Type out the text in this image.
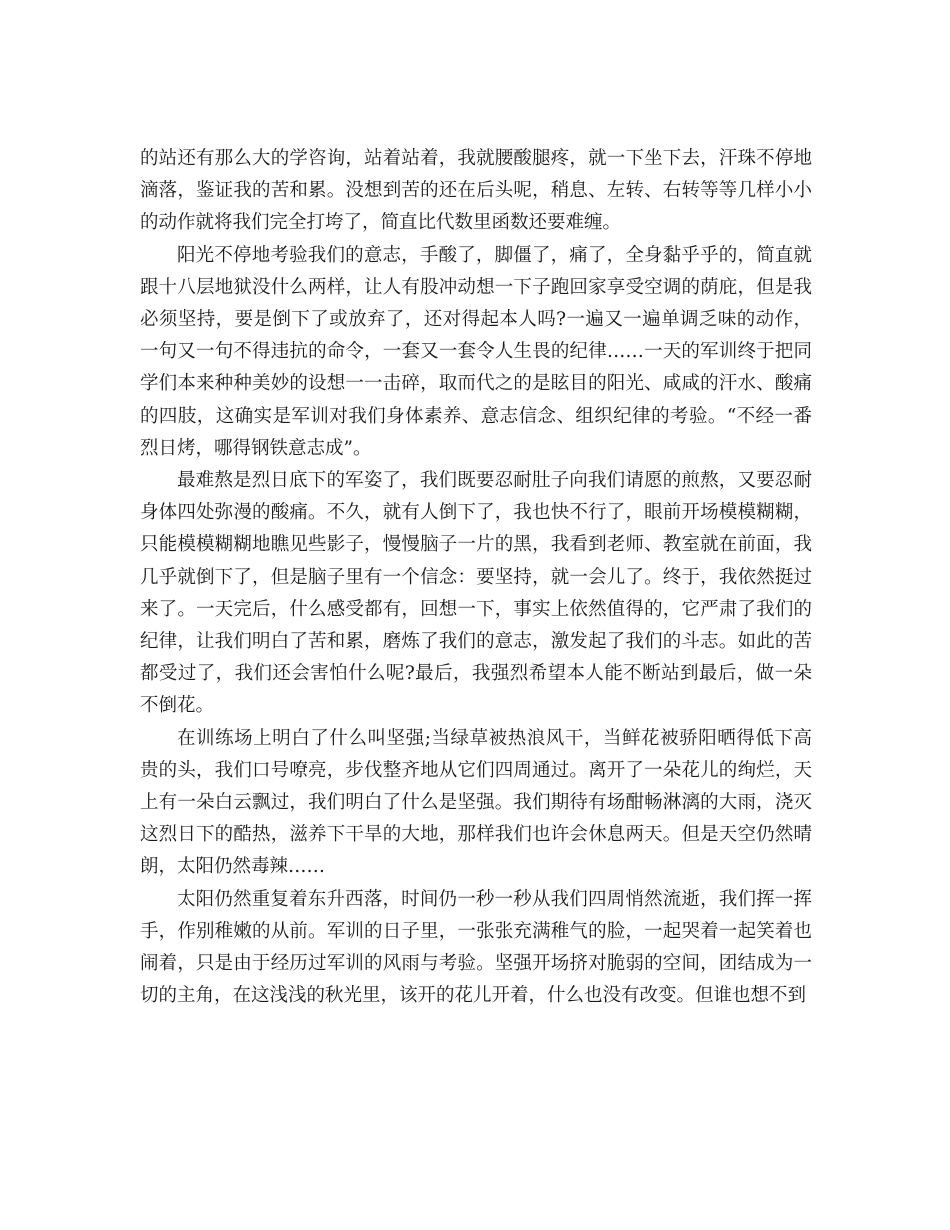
的站还有那么大的学咨询，站着站着，我就腰酸腿疼，就一下坐下去，汗珠不停地滴落，鉴证我的苦和累。没想到苦的还在后头呢，稍息、左转、右转等等几样小小的动作就将我们完全打垮了，简直比代数里函数还要难缠。

阳光不停地考验我们的意志，手酸了，脚僵了，痛了，全身黏乎乎的，简直就跟十八层地狱没什么两样，让人有股冲动想一下子跑回家享受空调的荫庇，但是我必须坚持，要是倒下了或放弃了，还对得起本人吗?一遍又一遍单调乏味的动作，一句又一句不得违抗的命令，一套又一套令人生畏的纪律……一天的军训终于把同学们本来种种美妙的设想一一击碎，取而代之的是眩目的阳光、咸咸的汗水、酸痛的四肢，这确实是军训对我们身体素养、意志信念、组织纪律的考验。“不经一番烈日烤，哪得钢铁意志成”。

最难熬是烈日底下的军姿了，我们既要忍耐肚子向我们请愿的煎熬，又要忍耐身体四处弥漫的酸痛。不久，就有人倒下了，我也快不行了，眼前开场模模糊糊，只能模模糊糊地瞧见些影子，慢慢脑子一片的黑，我看到老师、教室就在前面，我几乎就倒下了，但是脑子里有一个信念：要坚持，就一会儿了。终于，我依然挺过来了。一天完后，什么感受都有，回想一下，事实上依然值得的，它严肃了我们的纪律，让我们明白了苦和累，磨炼了我们的意志，激发起了我们的斗志。如此的苦都受过了，我们还会害怕什么呢?最后，我强烈希望本人能不断站到最后，做一朵不倒花。

在训练场上明白了什么叫坚强;当绿草被热浪风干，当鲜花被骄阳晒得低下高贵的头，我们口号嘹亮，步伐整齐地从它们四周通过。离开了一朵花儿的绚烂，天上有一朵白云飘过，我们明白了什么是坚强。我们期待有场酣畅淋漓的大雨，浇灭这烈日下的酷热，滋养下干旱的大地，那样我们也许会休息两天。但是天空仍然晴朗，太阳仍然毒辣……

太阳仍然重复着东升西落，时间仍一秒一秒从我们四周悄然流逝，我们挥一挥手，作别稚嫩的从前。军训的日子里，一张张充满稚气的脸，一起哭着一起笑着也闹着，只是由于经历过军训的风雨与考验。坚强开场挤对脆弱的空间，团结成为一切的主角，在这浅浅的秋光里，该开的花儿开着，什么也没有改变。但谁也想不到
